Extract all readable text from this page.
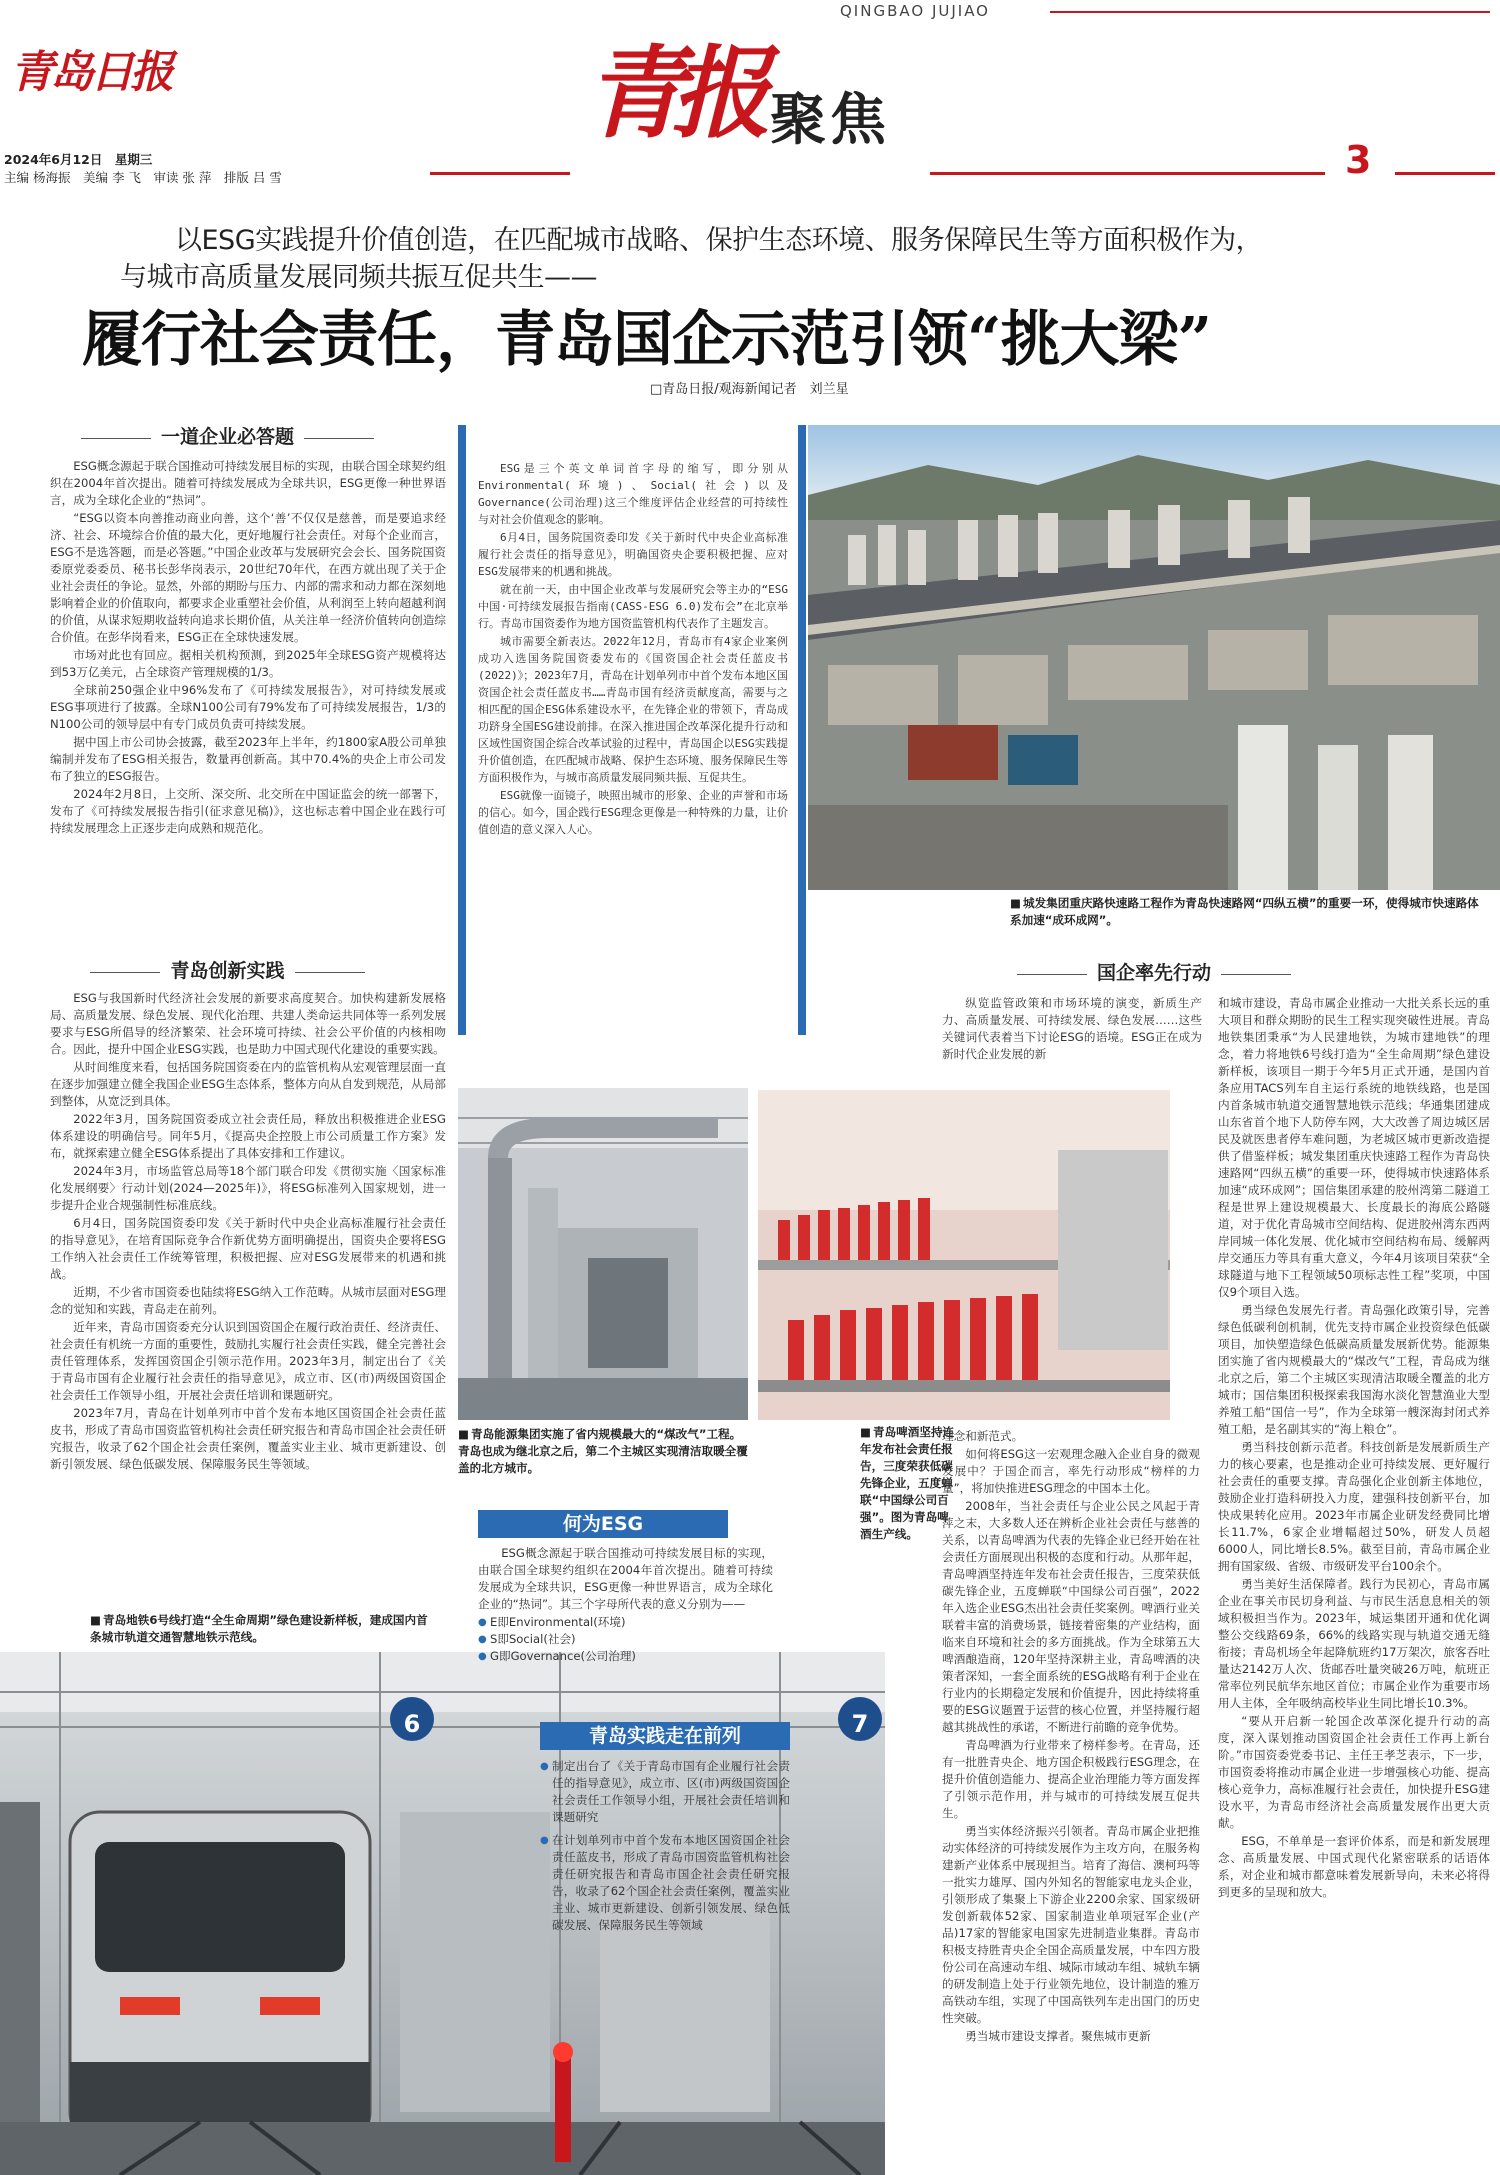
QINGBAO JUJIAO
青岛日报	青报 聚焦
2024年6月12日　星期三
主编 杨海振　美编 李 飞　审读 张 萍　排版 吕 雪	3
以ESG实践提升价值创造，在匹配城市战略、保护生态环境、服务保障民生等方面积极作为，
与城市高质量发展同频共振互促共生——
履行社会责任，青岛国企示范引领“挑大梁”
□青岛日报/观海新闻记者　刘兰星
一道企业必答题

ESG概念源起于联合国推动可持续发展目标的实现，由联合国全球契约组织在2004年首次提出。随着可持续发展成为全球共识，ESG更像一种世界语言，成为全球化企业的“热词”。

“ESG以资本向善推动商业向善，这个‘善’不仅仅是慈善，而是要追求经济、社会、环境综合价值的最大化，更好地履行社会责任。对每个企业而言，ESG不是选答题，而是必答题。”中国企业改革与发展研究会会长、国务院国资委原党委委员、秘书长彭华岗表示，20世纪70年代，在西方就出现了关于企业社会责任的争论。显然，外部的期盼与压力、内部的需求和动力都在深刻地影响着企业的价值取向，都要求企业重塑社会价值，从利润至上转向超越利润的价值，从谋求短期收益转向追求长期价值，从关注单一经济价值转向创造综合价值。在彭华岗看来，ESG正在全球快速发展。

市场对此也有回应。据相关机构预测，到2025年全球ESG资产规模将达到53万亿美元，占全球资产管理规模的1/3。

全球前250强企业中96%发布了《可持续发展报告》，对可持续发展或ESG事项进行了披露。全球N100公司有79%发布了可持续发展报告，1/3的N100公司的领导层中有专门成员负责可持续发展。

据中国上市公司协会披露，截至2023年上半年，约1800家A股公司单独编制并发布了ESG相关报告，数量再创新高。其中70.4%的央企上市公司发布了独立的ESG报告。

2024年2月8日，上交所、深交所、北交所在中国证监会的统一部署下，发布了《可持续发展报告指引(征求意见稿)》，这也标志着中国企业在践行可持续发展理念上正逐步走向成熟和规范化。

青岛创新实践

ESG与我国新时代经济社会发展的新要求高度契合。加快构建新发展格局、高质量发展、绿色发展、现代化治理、共建人类命运共同体等一系列发展要求与ESG所倡导的经济繁荣、社会环境可持续、社会公平价值的内核相吻合。因此，提升中国企业ESG实践，也是助力中国式现代化建设的重要实践。

从时间维度来看，包括国务院国资委在内的监管机构从宏观管理层面一直在逐步加强建立健全我国企业ESG生态体系，整体方向从自发到规范，从局部到整体，从宽泛到具体。

2022年3月，国务院国资委成立社会责任局，释放出积极推进企业ESG体系建设的明确信号。同年5月，《提高央企控股上市公司质量工作方案》发布，就探索建立健全ESG体系提出了具体安排和工作建议。

2024年3月，市场监管总局等18个部门联合印发《贯彻实施〈国家标准化发展纲要〉行动计划(2024—2025年)》，将ESG标准列入国家规划，进一步提升企业合规强制性标准底线。

6月4日，国务院国资委印发《关于新时代中央企业高标准履行社会责任的指导意见》，在培育国际竞争合作新优势方面明确提出，国资央企要将ESG工作纳入社会责任工作统筹管理，积极把握、应对ESG发展带来的机遇和挑战。

近期，不少省市国资委也陆续将ESG纳入工作范畴。从城市层面对ESG理念的觉知和实践，青岛走在前列。

近年来，青岛市国资委充分认识到国资国企在履行政治责任、经济责任、社会责任有机统一方面的重要性，鼓励扎实履行社会责任实践，健全完善社会责任管理体系，发挥国资国企引领示范作用。2023年3月，制定出台了《关于青岛市国有企业履行社会责任的指导意见》，成立市、区(市)两级国资国企社会责任工作领导小组，开展社会责任培训和课题研究。

2023年7月，青岛在计划单列市中首个发布本地区国资国企社会责任蓝皮书，形成了青岛市国资监管机构社会责任研究报告和青岛市国企社会责任研究报告，收录了62个国企社会责任案例，覆盖实业主业、城市更新建设、创新引领发展、绿色低碳发展、保障服务民生等领域。

■ 青岛地铁6号线打造“全生命周期”绿色建设新样板，建成国内首条城市轨道交通智慧地铁示范线。
6	7

ESG是三个英文单词首字母的缩写，即分别从Environmental(环境)、Social(社会)以及Governance(公司治理)这三个维度评估企业经营的可持续性与对社会价值观念的影响。

6月4日，国务院国资委印发《关于新时代中央企业高标准履行社会责任的指导意见》，明确国资央企要积极把握、应对ESG发展带来的机遇和挑战。

就在前一天，由中国企业改革与发展研究会等主办的“ESG中国·可持续发展报告指南(CASS-ESG 6.0)发布会”在北京举行。青岛市国资委作为地方国资监管机构代表作了主题发言。

城市需要全新表达。2022年12月，青岛市有4家企业案例成功入选国务院国资委发布的《国资国企社会责任蓝皮书(2022)》；2023年7月，青岛在计划单列市中首个发布本地区国资国企社会责任蓝皮书……青岛市国有经济贡献度高，需要与之相匹配的国企ESG体系建设水平，在先锋企业的带领下，青岛成功跻身全国ESG建设前排。在深入推进国企改革深化提升行动和区域性国资国企综合改革试验的过程中，青岛国企以ESG实践提升价值创造，在匹配城市战略、保护生态环境、服务保障民生等方面积极作为，与城市高质量发展同频共振、互促共生。

ESG就像一面镜子，映照出城市的形象、企业的声誉和市场的信心。如今，国企践行ESG理念更像是一种特殊的力量，让价值创造的意义深入人心。

■ 城发集团重庆路快速路工程作为青岛快速路网“四纵五横”的重要一环，使得城市快速路体系加速“成环成网”。
国企率先行动
纵览监管政策和市场环境的演变，新质生产力、高质量发展、可持续发展、绿色发展……这些关键词代表着当下讨论ESG的语境。ESG正在成为新时代企业发展的新
■ 青岛能源集团实施了省内规模最大的“煤改气”工程。青岛也成为继北京之后，第二个主城区实现清洁取暖全覆盖的北方城市。
■ 青岛啤酒坚持连年发布社会责任报告，三度荣获低碳先锋企业，五度蝉联“中国绿公司百强”。图为青岛啤酒生产线。

理念和新范式。

如何将ESG这一宏观理念融入企业自身的微观发展中？于国企而言，率先行动形成“榜样的力量”，将加快推进ESG理念的中国本土化。

2008年，当社会责任与企业公民之风起于青萍之末，大多数人还在辨析企业社会责任与慈善的关系，以青岛啤酒为代表的先锋企业已经开始在社会责任方面展现出积极的态度和行动。从那年起，青岛啤酒坚持连年发布社会责任报告，三度荣获低碳先锋企业，五度蝉联“中国绿公司百强”，2022年入选企业ESG杰出社会责任奖案例。啤酒行业关联着丰富的消费场景，链接着密集的产业结构，面临来自环境和社会的多方面挑战。作为全球第五大啤酒酿造商，120年坚持深耕主业，青岛啤酒的决策者深知，一套全面系统的ESG战略有利于企业在行业内的长期稳定发展和价值提升，因此持续将重要的ESG议题置于运营的核心位置，并坚持履行超越其挑战性的承诺，不断进行前瞻的竞争优势。

青岛啤酒为行业带来了榜样参考。在青岛，还有一批胜青央企、地方国企积极践行ESG理念，在提升价值创造能力、提高企业治理能力等方面发挥了引领示范作用，并与城市的可持续发展互促共生。

勇当实体经济振兴引领者。青岛市属企业把推动实体经济的可持续发展作为主攻方向，在服务构建新产业体系中展现担当。培育了海信、澳柯玛等一批实力雄厚、国内外知名的智能家电龙头企业，引领形成了集聚上下游企业2200余家、国家级研发创新载体52家、国家制造业单项冠军企业(产品)17家的智能家电国家先进制造业集群。青岛市积极支持胜青央企全国企高质量发展，中车四方股份公司在高速动车组、城际市域动车组、城轨车辆的研发制造上处于行业领先地位，设计制造的雅万高铁动车组，实现了中国高铁列车走出国门的历史性突破。

勇当城市建设支撑者。聚焦城市更新

和城市建设，青岛市属企业推动一大批关系长远的重大项目和群众期盼的民生工程实现突破性进展。青岛地铁集团秉承“为人民建地铁，为城市建地铁”的理念，着力将地铁6号线打造为“全生命周期”绿色建设新样板，该项目一期于今年5月正式开通，是国内首条应用TACS列车自主运行系统的地铁线路，也是国内首条城市轨道交通智慧地铁示范线；华通集团建成山东省首个地下人防停车网，大大改善了周边城区居民及就医患者停车难问题，为老城区城市更新改造提供了借鉴样板；城发集团重庆快速路工程作为青岛快速路网“四纵五横”的重要一环，使得城市快速路体系加速“成环成网”；国信集团承建的胶州湾第二隧道工程是世界上建设规模最大、长度最长的海底公路隧道，对于优化青岛城市空间结构、促进胶州湾东西两岸同城一体化发展、优化城市空间结构布局、缓解两岸交通压力等具有重大意义，今年4月该项目荣获“全球隧道与地下工程领域50项标志性工程”奖项，中国仅9个项目入选。

勇当绿色发展先行者。青岛强化政策引导，完善绿色低碳利创机制，优先支持市属企业投资绿色低碳项目，加快塑造绿色低碳高质量发展新优势。能源集团实施了省内规模最大的“煤改气”工程，青岛成为继北京之后，第二个主城区实现清洁取暖全覆盖的北方城市；国信集团积极探索我国海水淡化智慧渔业大型养殖工船“国信一号”，作为全球第一艘深海封闭式养殖工船，是名副其实的“海上粮仓”。

勇当科技创新示范者。科技创新是发展新质生产力的核心要素，也是推动企业可持续发展、更好履行社会责任的重要支撑。青岛强化企业创新主体地位，鼓励企业打造科研投入力度，建强科技创新平台，加快成果转化应用。2023年市属企业研发经费同比增长11.7%，6家企业增幅超过50%，研发人员超6000人，同比增长8.5%。截至目前，青岛市属企业拥有国家级、省级、市级研发平台100余个。

勇当美好生活保障者。践行为民初心，青岛市属企业在事关市民切身利益、与市民生活息息相关的领域积极担当作为。2023年，城运集团开通和优化调整公交线路69条，66%的线路实现与轨道交通无缝衔接；青岛机场全年起降航班约17万架次，旅客吞吐量达2142万人次、货邮吞吐量突破26万吨，航班正常率位列民航华东地区首位；市属企业作为重要市场用人主体，全年吸纳高校毕业生同比增长10.3%。

“要从开启新一轮国企改革深化提升行动的高度，深入谋划推动国资国企社会责任工作再上新台阶。”市国资委党委书记、主任王孝芝表示，下一步，市国资委将推动市属企业进一步增强核心功能、提高核心竞争力，高标准履行社会责任，加快提升ESG建设水平，为青岛市经济社会高质量发展作出更大贡献。

ESG，不单单是一套评价体系，而是和新发展理念、高质量发展、中国式现代化紧密联系的话语体系，对企业和城市都意味着发展新导向，未来必将得到更多的呈现和放大。

何为ESG

ESG概念源起于联合国推动可持续发展目标的实现，由联合国全球契约组织在2004年首次提出。随着可持续发展成为全球共识，ESG更像一种世界语言，成为全球化企业的“热词”。其三个字母所代表的意义分别为——

● E即Environmental(环境)
● S即Social(社会)
● G即Governance(公司治理)
青岛实践走在前列
● 制定出台了《关于青岛市国有企业履行社会责任的指导意见》，成立市、区(市)两级国资国企社会责任工作领导小组，开展社会责任培训和课题研究
● 在计划单列市中首个发布本地区国资国企社会责任蓝皮书，形成了青岛市国资监管机构社会责任研究报告和青岛市国企社会责任研究报告，收录了62个国企社会责任案例，覆盖实业主业、城市更新建设、创新引领发展、绿色低碳发展、保障服务民生等领域
